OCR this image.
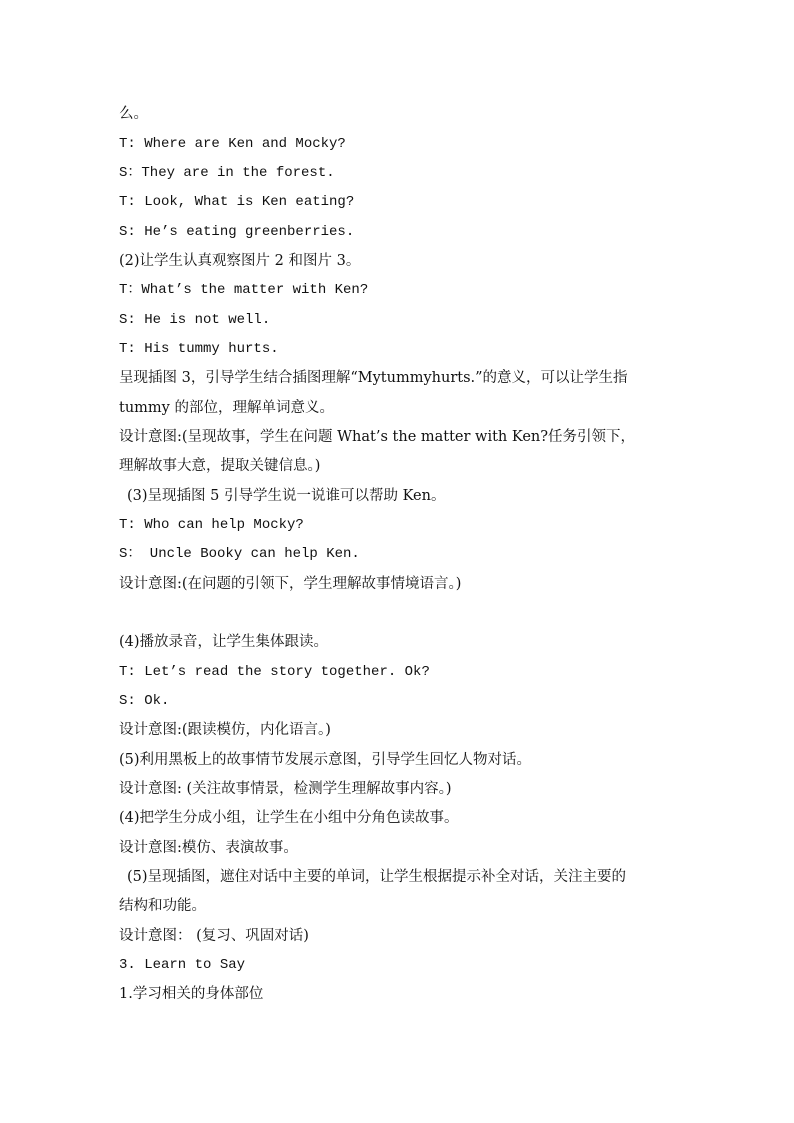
么。
T: Where are Ken and Mocky?
S：They are in the forest.
T: Look, What is Ken eating?
S: He’s eating greenberries.
(2)让学生认真观察图片 2 和图片 3。
T：What’s the matter with Ken?
S: He is not well.
T: His tummy hurts.
呈现插图 3，引导学生结合插图理解“Mytummyhurts.”的意义，可以让学生指
tummy 的部位，理解单词意义。
设计意图:(呈现故事，学生在问题 What’s the matter with Ken?任务引领下，
理解故事大意，提取关键信息。)
(3)呈现插图 5 引导学生说一说谁可以帮助 Ken。
T: Who can help Mocky?
S： Uncle Booky can help Ken.
设计意图:(在问题的引领下，学生理解故事情境语言。)
(4)播放录音，让学生集体跟读。
T: Let’s read the story together. Ok?
S: Ok.
设计意图:(跟读模仿，内化语言。)
(5)利用黑板上的故事情节发展示意图，引导学生回忆人物对话。
设计意图: (关注故事情景，检测学生理解故事内容。)
(4)把学生分成小组，让学生在小组中分角色读故事。
设计意图:模仿、表演故事。
(5)呈现插图，遮住对话中主要的单词，让学生根据提示补全对话，关注主要的
结构和功能。
设计意图： (复习、巩固对话)
3. Learn to Say
1.学习相关的身体部位
